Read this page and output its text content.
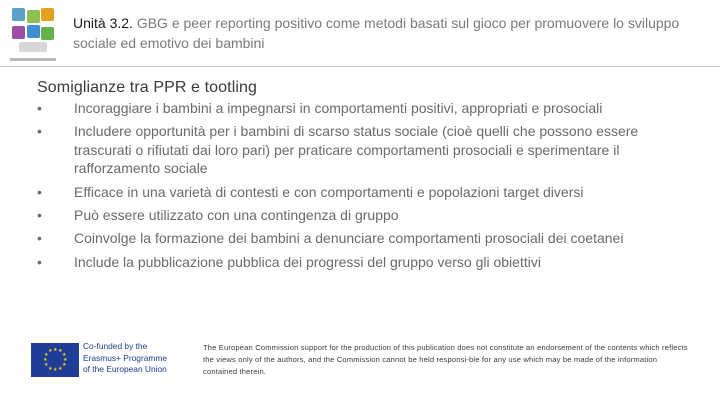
Unità 3.2. GBG e peer reporting positivo come metodi basati sul gioco per promuovere lo sviluppo sociale ed emotivo dei bambini
Somiglianze tra PPR e tootling
•	Incoraggiare i bambini a impegnarsi in comportamenti positivi, appropriati e prosociali
•	Includere opportunità per i bambini di scarso status sociale (cioè quelli che possono essere trascurati o rifiutati dai loro pari) per praticare comportamenti prosociali e sperimentare il rafforzamento sociale
•	Efficace in una varietà di contesti e con comportamenti e popolazioni target diversi
•	Può essere utilizzato con una contingenza di gruppo
•	Coinvolge la formazione dei bambini a denunciare comportamenti prosociali dei coetanei
•	Include la pubblicazione pubblica dei progressi del gruppo verso gli obiettivi
★ ★
★
★
★
★
★
★
★
★
★
★	Co-funded by the
Erasmus+ Programme
of the European Union
The European Commission support for the production of this publication does not constitute an endorsement of the contents which reflects the views only of the authors, and the Commission cannot be held responsi-ble for any use which may be made of the information contained therein.
